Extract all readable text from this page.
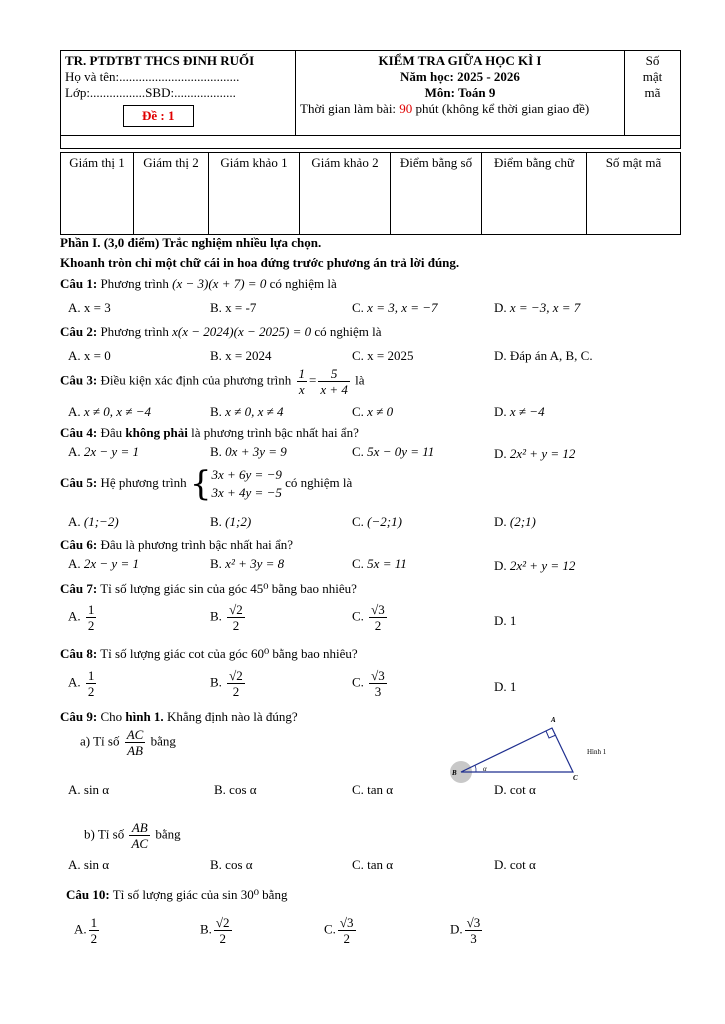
TR. PTDTBT THCS ĐINH RUỐI
Họ và tên:.....................................
Lớp:.................SBD:...................
Đề : 1	
KIỂM TRA GIỮA HỌC KÌ I
Năm học: 2025 - 2026
Môn: Toán 9
Thời gian làm bài: 90 phút (không kể thời gian giao đề)

Số
mật
mã

Giám thị 1	Giám thị 2	Giám khảo 1	Giám khảo 2	Điểm bằng số	Điểm bằng chữ	Số mật mã
Phần I. (3,0 điểm) Trắc nghiệm nhiều lựa chọn.
Khoanh tròn chỉ một chữ cái in hoa đứng trước phương án trả lời đúng.
Câu 1: Phương trình (x − 3)(x + 7) = 0 có nghiệm là
A. x = 3	B. x = -7	C. x = 3, x = −7	D. x = −3, x = 7
Câu 2: Phương trình x(x − 2024)(x − 2025) = 0 có nghiệm là
A. x = 0	B. x = 2024	C. x = 2025	D. Đáp án A, B, C.
Câu 3: Điều kiện xác định của phương trình $\frac{1}{x} = \frac{5}{x + 4}$ là
A. x ≠ 0, x ≠ −4	B. x ≠ 0, x ≠ 4	C. x ≠ 0	D. x ≠ −4
Câu 4: Đâu không phải là phương trình bậc nhất hai ẩn?
A. 2x − y = 1	B. 0x + 3y = 9	C. 5x − 0y = 11	D. 2x² + y = 12
Câu 5: Hệ phương trình { 3x + 6y = −9
3x + 4y = −5
có nghiệm là
A. (1;−2)	B. (1;2)	C. (−2;1)	D. (2;1)
Câu 6: Đâu là phương trình bậc nhất hai ẩn?
A. 2x − y = 1	B. x² + 3y = 8	C. 5x = 11	D. 2x² + y = 12
Câu 7: Tỉ số lượng giác sin của góc 45⁰ bằng bao nhiêu?
A. $\frac{1}{2}$	B. $\frac{√2}{2}$	C. $\frac{√3}{2}$	D. 1
Câu 8: Tỉ số lượng giác cot của góc 60⁰ bằng bao nhiêu?
A. $\frac{1}{2}$	B. $\frac{√2}{2}$	C. $\frac{√3}{3}$	D. 1
Câu 9: Cho hình 1. Khẳng định nào là đúng?
a) Tỉ số $\frac{AC}{AB}$ bằng
A. sin α	B. cos α	C. tan α	D. cot α
A
B
C
α
Hình 1
b) Tỉ số $\frac{AB}{AC}$ bằng
A. sin α	B. cos α	C. tan α	D. cot α
Câu 10: Tỉ số lượng giác của sin 30⁰ bằng
A. $\frac{1}{2}$	B. $\frac{√2}{2}$	C. $\frac{√3}{2}$	D. $\frac{√3}{3}$
